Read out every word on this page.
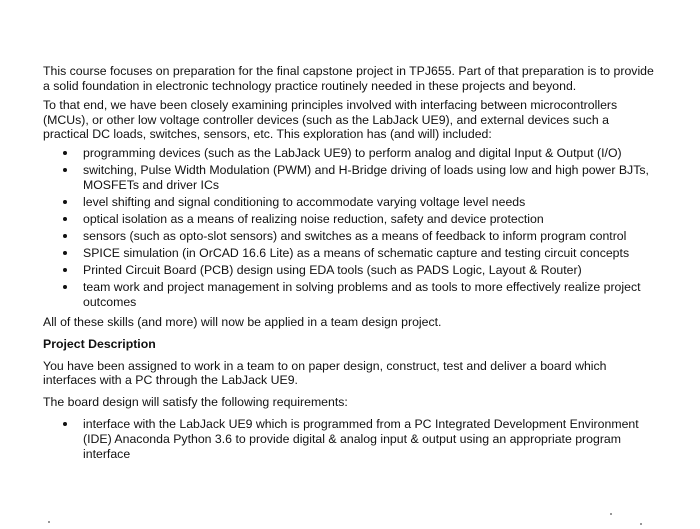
This course focuses on preparation for the final capstone project in TPJ655. Part of that preparation is to provide a solid foundation in electronic technology practice routinely needed in these projects and beyond.

To that end, we have been closely examining principles involved with interfacing between microcontrollers (MCUs), or other low voltage controller devices (such as the LabJack UE9), and external devices such a practical DC loads, switches, sensors, etc. This exploration has (and will) included:

programming devices (such as the LabJack UE9) to perform analog and digital Input & Output (I/O)
switching, Pulse Width Modulation (PWM) and H-Bridge driving of loads using low and high power BJTs, MOSFETs and driver ICs
level shifting and signal conditioning to accommodate varying voltage level needs
optical isolation as a means of realizing noise reduction, safety and device protection
sensors (such as opto-slot sensors) and switches as a means of feedback to inform program control
SPICE simulation (in OrCAD 16.6 Lite) as a means of schematic capture and testing circuit concepts
Printed Circuit Board (PCB) design using EDA tools (such as PADS Logic, Layout & Router)
team work and project management in solving problems and as tools to more effectively realize project outcomes

All of these skills (and more) will now be applied in a team design project.

Project Description

You have been assigned to work in a team to on paper design, construct, test and deliver a board which interfaces with a PC through the LabJack UE9.

The board design will satisfy the following requirements:

interface with the LabJack UE9 which is programmed from a PC Integrated Development Environment (IDE) Anaconda Python 3.6 to provide digital & analog input & output using an appropriate program interface
